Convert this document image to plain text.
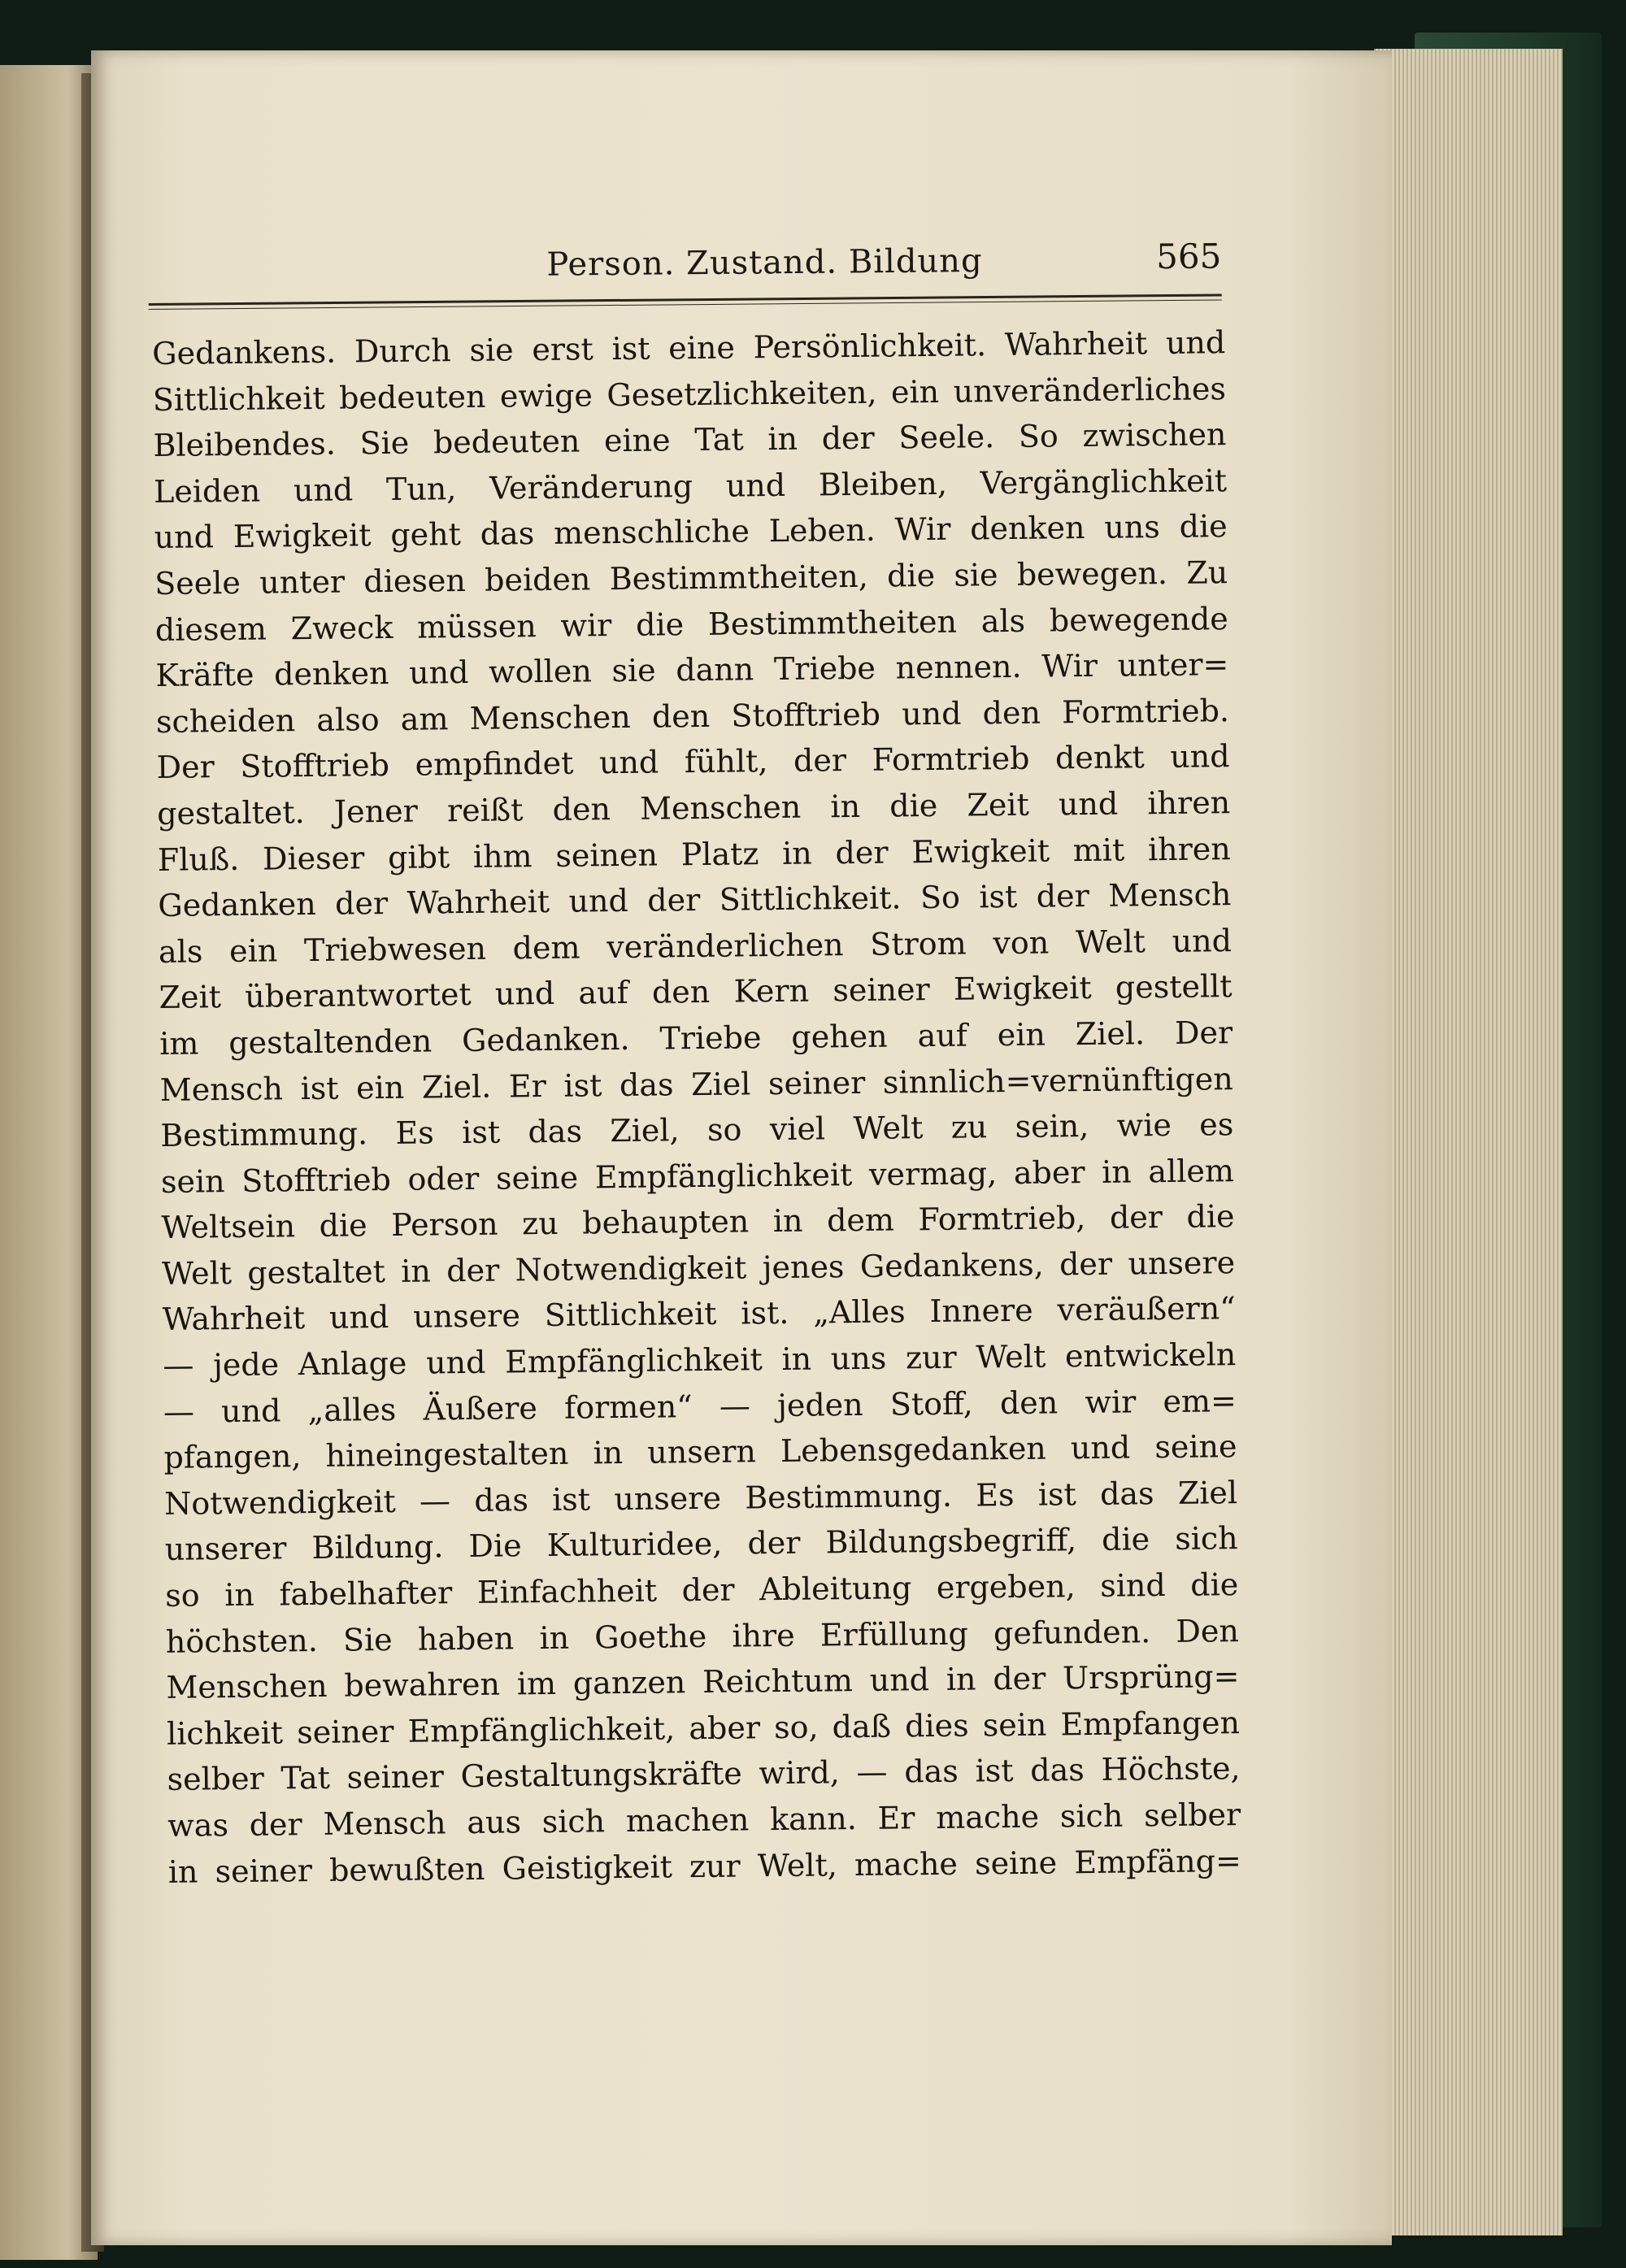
Person. Zustand. Bildung	565
Gedankens. Durch sie erst ist eine Persönlichkeit. Wahrheit und
Sittlichkeit bedeuten ewige Gesetzlichkeiten, ein unveränderliches
Bleibendes. Sie bedeuten eine Tat in der Seele. So zwischen
Leiden und Tun, Veränderung und Bleiben, Vergänglichkeit
und Ewigkeit geht das menschliche Leben. Wir denken uns die
Seele unter diesen beiden Bestimmtheiten, die sie bewegen. Zu
diesem Zweck müssen wir die Bestimmtheiten als bewegende
Kräfte denken und wollen sie dann Triebe nennen. Wir unter=
scheiden also am Menschen den Stofftrieb und den Formtrieb.
Der Stofftrieb empfindet und fühlt, der Formtrieb denkt und
gestaltet. Jener reißt den Menschen in die Zeit und ihren
Fluß. Dieser gibt ihm seinen Platz in der Ewigkeit mit ihren
Gedanken der Wahrheit und der Sittlichkeit. So ist der Mensch
als ein Triebwesen dem veränderlichen Strom von Welt und
Zeit überantwortet und auf den Kern seiner Ewigkeit gestellt
im gestaltenden Gedanken. Triebe gehen auf ein Ziel. Der
Mensch ist ein Ziel. Er ist das Ziel seiner sinnlich=vernünftigen
Bestimmung. Es ist das Ziel, so viel Welt zu sein, wie es
sein Stofftrieb oder seine Empfänglichkeit vermag, aber in allem
Weltsein die Person zu behaupten in dem Formtrieb, der die
Welt gestaltet in der Notwendigkeit jenes Gedankens, der unsere
Wahrheit und unsere Sittlichkeit ist. „Alles Innere veräußern“
— jede Anlage und Empfänglichkeit in uns zur Welt entwickeln
— und „alles Äußere formen“ — jeden Stoff, den wir em=
pfangen, hineingestalten in unsern Lebensgedanken und seine
Notwendigkeit — das ist unsere Bestimmung. Es ist das Ziel
unserer Bildung. Die Kulturidee, der Bildungsbegriff, die sich
so in fabelhafter Einfachheit der Ableitung ergeben, sind die
höchsten. Sie haben in Goethe ihre Erfüllung gefunden. Den
Menschen bewahren im ganzen Reichtum und in der Ursprüng=
lichkeit seiner Empfänglichkeit, aber so, daß dies sein Empfangen
selber Tat seiner Gestaltungskräfte wird, — das ist das Höchste,
was der Mensch aus sich machen kann. Er mache sich selber
in seiner bewußten Geistigkeit zur Welt, mache seine Empfäng=
